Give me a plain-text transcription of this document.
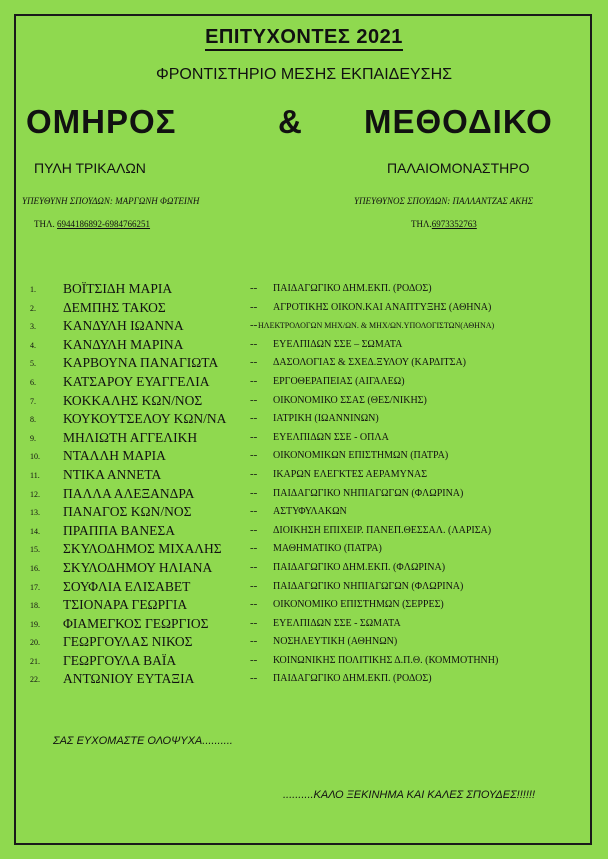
ΕΠΙΤΥΧΟΝΤΕΣ 2021
ΦΡΟΝΤΙΣΤΗΡΙΟ ΜΕΣΗΣ ΕΚΠΑΙΔΕΥΣΗΣ
ΟΜΗΡΟΣ	& ΜΕΘΟΔΙΚΟ
ΠΥΛΗ ΤΡΙΚΑΛΩΝ	ΠΑΛΑΙΟΜΟΝΑΣΤΗΡΟ
ΥΠΕΥΘΥΝΗ ΣΠΟΥΔΩΝ: ΜΑΡΓΩΝΗ ΦΩΤΕΙΝΗ	ΥΠΕΥΘΥΝΟΣ ΣΠΟΥΔΩΝ: ΠΑΛΛΑΝΤΖΑΣ ΑΚΗΣ
ΤΗΛ. 6944186892-6984766251	ΤΗΛ.6973352763
1. ΒΟΪΤΣΙΔΗ ΜΑΡΙΑ	-- ΠΑΙΔΑΓΩΓΙΚΟ ΔΗΜ.ΕΚΠ. (ΡΟΔΟΣ)
2. ΔΕΜΠΗΣ ΤΑΚΟΣ	-- ΑΓΡΟΤΙΚΗΣ ΟΙΚΟΝ.ΚΑΙ ΑΝΑΠΤΥΞΗΣ (ΑΘΗΝΑ)
3. ΚΑΝΔΥΛΗ ΙΩΑΝΝΑ	-- ΗΛΕΚΤΡΟΛΟΓΩΝ ΜΗΧ/ΩΝ. & ΜΗΧ/ΩΝ.ΥΠΟΛΟΓΙΣΤΩΝ(ΑΘΗΝΑ)
4. ΚΑΝΔΥΛΗ ΜΑΡΙΝΑ	-- ΕΥΕΛΠΙΔΩΝ ΣΣΕ – ΣΩΜΑΤΑ
5. ΚΑΡΒΟΥΝΑ ΠΑΝΑΓΙΩΤΑ	-- ΔΑΣΟΛΟΓΙΑΣ & ΣΧΕΔ.ΞΥΛΟΥ (ΚΑΡΔΙΤΣΑ)
6. ΚΑΤΣΑΡΟΥ ΕΥΑΓΓΕΛΙΑ	-- ΕΡΓΟΘΕΡΑΠΕΙΑΣ (ΑΙΓΑΛΕΩ)
7. ΚΟΚΚΑΛΗΣ ΚΩΝ/ΝΟΣ	-- ΟΙΚΟΝΟΜΙΚΟ ΣΣΑΣ (ΘΕΣ/ΝΙΚΗΣ)
8. ΚΟΥΚΟΥΤΣΕΛΟΥ ΚΩΝ/ΝΑ -- ΙΑΤΡΙΚΗ (ΙΩΑΝΝΙΝΩΝ)
9. ΜΗΛΙΩΤΗ ΑΓΓΕΛΙΚΗ	-- ΕΥΕΛΠΙΔΩΝ ΣΣΕ - ΟΠΛΑ
10. ΝΤΑΛΛΗ ΜΑΡΙΑ	-- ΟΙΚΟΝΟΜΙΚΩΝ ΕΠΙΣΤΗΜΩΝ (ΠΑΤΡΑ)
11. ΝΤΙΚΑ ΑΝΝΕΤΑ	-- ΙΚΑΡΩΝ ΕΛΕΓΚΤΕΣ ΑΕΡΑΜΥΝΑΣ
12. ΠΑΛΛΑ ΑΛΕΞΑΝΔΡΑ	-- ΠΑΙΔΑΓΩΓΙΚΟ ΝΗΠΙΑΓΩΓΩΝ (ΦΛΩΡΙΝΑ)
13. ΠΑΝΑΓΟΣ ΚΩΝ/ΝΟΣ	-- ΑΣΤΥΦΥΛΑΚΩΝ
14. ΠΡΑΠΠΑ ΒΑΝΕΣΑ	-- ΔΙΟΙΚΗΣΗ ΕΠΙΧΕΙΡ. ΠΑΝΕΠ.ΘΕΣΣΑΛ. (ΛΑΡΙΣΑ)
15. ΣΚΥΛΟΔΗΜΟΣ ΜΙΧΑΛΗΣ	-- ΜΑΘΗΜΑΤΙΚΟ (ΠΑΤΡΑ)
16. ΣΚΥΛΟΔΗΜΟΥ ΗΛΙΑΝΑ	-- ΠΑΙΔΑΓΩΓΙΚΟ ΔΗΜ.ΕΚΠ. (ΦΛΩΡΙΝΑ)
17. ΣΟΥΦΛΙΑ ΕΛΙΣΑΒΕΤ	-- ΠΑΙΔΑΓΩΓΙΚΟ ΝΗΠΙΑΓΩΓΩΝ (ΦΛΩΡΙΝΑ)
18. ΤΣΙΟΝΑΡΑ ΓΕΩΡΓΙΑ	-- ΟΙΚΟΝΟΜΙΚΟ ΕΠΙΣΤΗΜΩΝ (ΣΕΡΡΕΣ)
19. ΦΙΑΜΕΓΚΟΣ ΓΕΩΡΓΙΟΣ	-- ΕΥΕΛΠΙΔΩΝ ΣΣΕ - ΣΩΜΑΤΑ
20. ΓΕΩΡΓΟΥΛΑΣ ΝΙΚΟΣ	-- ΝΟΣΗΛΕΥΤΙΚΗ (ΑΘΗΝΩΝ)
21. ΓΕΩΡΓΟΥΛΑ ΒΑΪΑ	-- ΚΟΙΝΩΝΙΚΗΣ ΠΟΛΙΤΙΚΗΣ Δ.Π.Θ. (ΚΟΜΜΟΤΗΝΗ)
22. ΑΝΤΩΝΙΟΥ ΕΥΤΑΞΙΑ	-- ΠΑΙΔΑΓΩΓΙΚΟ ΔΗΜ.ΕΚΠ. (ΡΟΔΟΣ)
ΣΑΣ ΕΥΧΟΜΑΣΤΕ ΟΛΟΨΥΧΑ..........
..........ΚΑΛΟ ΞΕΚΙΝΗΜΑ ΚΑΙ ΚΑΛΕΣ ΣΠΟΥΔΕΣ!!!!!!
